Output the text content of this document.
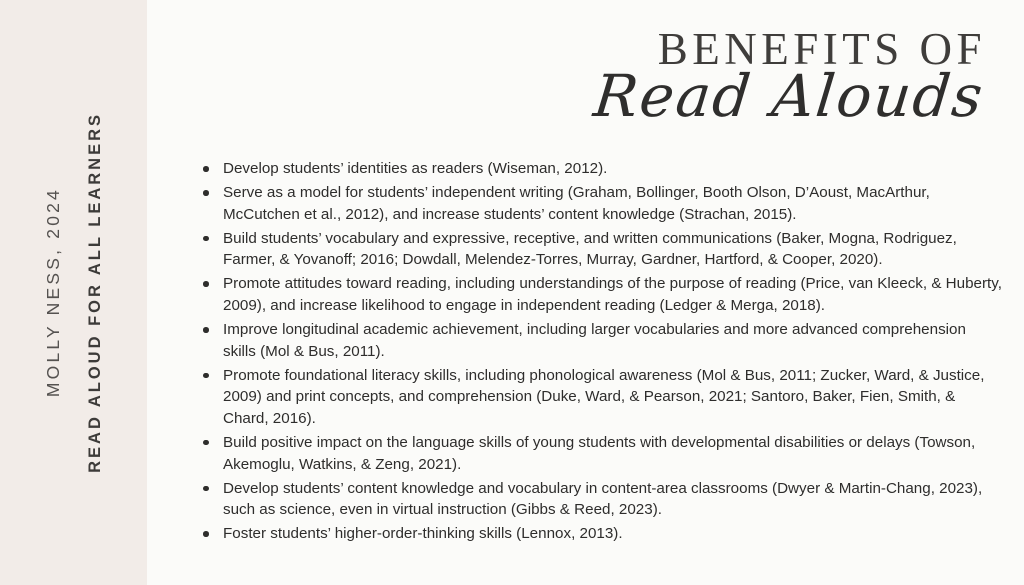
MOLLY NESS, 2024 READ ALOUD FOR ALL LEARNERS
BENEFITS OF
Read Alouds
Develop students’ identities as readers (Wiseman, 2012).
Serve as a model for students’ independent writing (Graham, Bollinger, Booth Olson, D’Aoust, MacArthur, McCutchen et al., 2012), and increase students’ content knowledge (Strachan, 2015).
Build students’ vocabulary and expressive, receptive, and written communications (Baker, Mogna, Rodriguez, Farmer, & Yovanoff; 2016; Dowdall, Melendez-Torres, Murray, Gardner, Hartford, & Cooper, 2020).
Promote attitudes toward reading, including understandings of the purpose of reading (Price, van Kleeck, & Huberty, 2009), and increase likelihood to engage in independent reading (Ledger & Merga, 2018).
Improve longitudinal academic achievement, including larger vocabularies and more advanced comprehension skills (Mol & Bus, 2011).
Promote foundational literacy skills, including phonological awareness (Mol & Bus, 2011; Zucker, Ward, & Justice, 2009) and print concepts, and comprehension (Duke, Ward, & Pearson, 2021; Santoro, Baker, Fien, Smith, & Chard, 2016).
Build positive impact on the language skills of young students with developmental disabilities or delays (Towson, Akemoglu, Watkins, & Zeng, 2021).
Develop students’ content knowledge and vocabulary in content-area classrooms (Dwyer & Martin-Chang, 2023), such as science, even in virtual instruction (Gibbs & Reed, 2023).
Foster students’ higher-order-thinking skills (Lennox, 2013).
